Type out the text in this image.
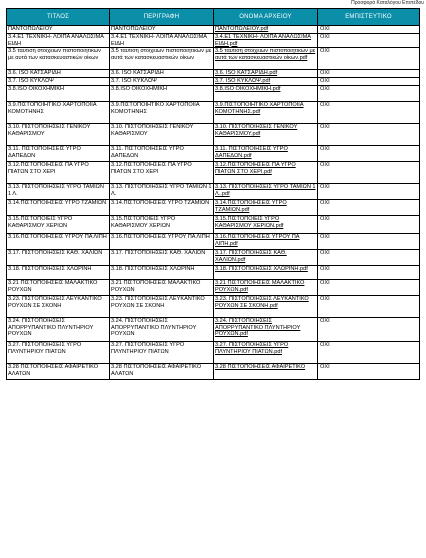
Προσφορά Καταλόγου Επιπέδου
ΤΙΤΛΟΣ	ΠΕΡΙΓΡΑΦΗ	ΟΝΟΜΑ ΑΡΧΕΙΟΥ	ΕΜΠΙΣΤΕΥΤΙΚΟ
ΠΑΝΤΟΠΩΛΕΙΟΥ	ΠΑΝΤΟΠΩΛΕΙΟΥ	ΠΑΝΤΟΠΩΛΕΙΟΥ.pdf	ΟΧΙ
3.4.Ε1 ΤΕΧΝΙΚΗ- ΛΟΙΠΑ ΑΝΑΛΩΣΙΜΑ ΕΙΔΗ	3.4.Ε1 ΤΕΧΝΙΚΗ- ΛΟΙΠΑ ΑΝΑΛΩΣΙΜΑ ΕΙΔΗ	3.4.Ε1 ΤΕΧΝΙΚΗ- ΛΟΙΠΑ ΑΝΑΛΩΣΙΜΑ ΕΙΔΗ.pdf	ΟΧΙ
3.5 ταυτιση στοιχειων πιστοποιητικων με αυτά των κατασκευαστικών οίκων	3.5 ταυτιση στοιχειων πιστοποιητικων με αυτά των κατασκευαστικών οίκων	3.5 ταυτιση στοιχειων πιστοποιητικων με αυτά των κατασκευαστικών οίκων.pdf	ΟΧΙ
3.6. ISO ΚΑΤΣΑΡΙΔΗ	3.6. ISO ΚΑΤΣΑΡΙΔΗ	3.6. ISO ΚΑΤΣΑΡΙΔΗ.pdf	ΟΧΙ
3.7. ISO ΚΥΚΛΩΨ	3.7. ISO ΚΥΚΛΩΨ	3.7. ISO ΚΥΚΛΩΨ.pdf	ΟΧΙ
3.8.ISO ΟΙΚΟΧΗΜΙΚΗ	3.8.ISO ΟΙΚΟΧΗΜΙΚΗ	3.8.ISO ΟΙΚΟΧΗΜΙΚΗ.pdf	ΟΧΙ
3.9.ΠΙΣΤΟΠΟΙΗΤΙΚΟ ΧΑΡΤΟΠΟΙΙΑ ΚΟΜΟΤΗΝΗΣ	3.9.ΠΙΣΤΟΠΟΙΗΤΙΚΟ ΧΑΡΤΟΠΟΙΙΑ ΚΟΜΟΤΗΝΗΣ	3.9.ΠΙΣΤΟΠΟΙΗΤΙΚΟ ΧΑΡΤΟΠΟΙΙΑ ΚΟΜΟΤΗΝΗΣ.pdf	ΟΧΙ
3.10. ΠΙΣΤΟΠΟΙΗΣΕΙΣ ΓΕΝΙΚΟΥ ΚΑΘΑΡΙΣΜΟΥ	3.10. ΠΙΣΤΟΠΟΙΗΣΕΙΣ ΓΕΝΙΚΟΥ ΚΑΘΑΡΙΣΜΟΥ	3.10. ΠΙΣΤΟΠΟΙΗΣΕΙΣ ΓΕΝΙΚΟΥ ΚΑΘΑΡΙΣΜΟΥ.pdf	ΟΧΙ
3.11. ΠΙΣΤΟΠΟΙΗΣΕΙΣ ΥΓΡΟ ΔΑΠΕΔΩΝ	3.11. ΠΙΣΤΟΠΟΙΗΣΕΙΣ ΥΓΡΟ ΔΑΠΕΔΩΝ	3.11. ΠΙΣΤΟΠΟΙΗΣΕΙΣ ΥΓΡΟ ΔΑΠΕΔΩΝ.pdf	ΟΧΙ
3.12.ΠΙΣΤΟΠΟΙΗΣΕΙΣ ΠΑ ΥΓΡΟ ΠΙΑΤΩΝ ΣΤΟ ΧΕΡΙ	3.12.ΠΙΣΤΟΠΟΙΗΣΕΙΣ ΠΑ ΥΓΡΟ ΠΙΑΤΩΝ ΣΤΟ ΧΕΡΙ	3.12.ΠΙΣΤΟΠΟΙΗΣΕΙΣ ΠΑ ΥΓΡΟ ΠΙΑΤΩΝ ΣΤΟ ΧΕΡΙ.pdf	ΟΧΙ
3.13. ΠΙΣΤΟΠΟΙΗΣΕΙΣ ΥΓΡΟ ΤΑΜΙΩΝ 1 Λ.	3.13. ΠΙΣΤΟΠΟΙΗΣΕΙΣ ΥΓΡΟ ΤΑΜΙΩΝ 1 Λ.	3.13. ΠΙΣΤΟΠΟΙΗΣΕΙΣ ΥΓΡΟ ΤΑΜΙΩΝ 1 Λ..pdf	ΟΧΙ
3.14.ΠΙΣΤΟΠΟΙΗΣΕΙΣ ΥΓΡΟ ΤΖΑΜΙΩΝ	3.14.ΠΙΣΤΟΠΟΙΗΣΕΙΣ ΥΓΡΟ ΤΖΑΜΙΩΝ	3.14.ΠΙΣΤΟΠΟΙΗΣΕΙΣ ΥΓΡΟ ΤΖΑΜΙΩΝ.pdf	ΟΧΙ
3.15.ΠΙΣΤΟΠΟΙΕΙΣ ΥΓΡΟ ΚΑΘΑΡΙΣΜΟΥ ΧΕΡΙΩΝ	3.15.ΠΙΣΤΟΠΟΙΕΙΣ ΥΓΡΟ ΚΑΘΑΡΙΣΜΟΥ ΧΕΡΙΩΝ	3.15.ΠΙΣΤΟΠΟΙΕΙΣ ΥΓΡΟ ΚΑΘΑΡΙΣΜΟΥ ΧΕΡΙΩΝ.pdf	ΟΧΙ
3.16.ΠΙΣΤΟΠΟΙΗΣΕΙΣ ΥΓΡΟΥ ΠΑ ΛΙΠΗ	3.16.ΠΙΣΤΟΠΟΙΗΣΕΙΣ ΥΓΡΟΥ ΠΑ ΛΙΠΗ	3.16.ΠΙΣΤΟΠΟΙΗΣΕΙΣ ΥΓΡΟΥ ΠΑ ΛΙΠΗ.pdf	ΟΧΙ
3.17. ΠΙΣΤΟΠΟΙΗΣΕΙΣ ΚΑΘ. ΧΑΛΙΩΝ	3.17. ΠΙΣΤΟΠΟΙΗΣΕΙΣ ΚΑΘ. ΧΑΛΙΩΝ	3.17. ΠΙΣΤΟΠΟΙΗΣΕΙΣ ΚΑΘ. ΧΑΛΙΩΝ.pdf	ΟΧΙ
3.18. ΠΙΣΤΟΠΟΙΗΣΕΙΣ ΧΛΩΡΙΝΗ	3.18. ΠΙΣΤΟΠΟΙΗΣΕΙΣ ΧΛΩΡΙΝΗ	3.18. ΠΙΣΤΟΠΟΙΗΣΕΙΣ ΧΛΩΡΙΝΗ.pdf	ΟΧΙ
3.21 ΠΙΣΤΟΠΟΙΗΣΕΙΣ ΜΑΛΑΚΤΙΚΟ ΡΟΥΧΩΝ	3.21 ΠΙΣΤΟΠΟΙΗΣΕΙΣ ΜΑΛΑΚΤΙΚΟ ΡΟΥΧΩΝ	3.21 ΠΙΣΤΟΠΟΙΗΣΕΙΣ ΜΑΛΑΚΤΙΚΟ ΡΟΥΧΩΝ.pdf	ΟΧΙ
3.23. ΠΙΣΤΟΠΟΙΗΣΕΙΣ ΛΕΥΚΑΝΤΙΚΟ ΡΟΥΧΩΝ ΣΕ ΣΚΟΝΗ	3.23. ΠΙΣΤΟΠΟΙΗΣΕΙΣ ΛΕΥΚΑΝΤΙΚΟ ΡΟΥΧΩΝ ΣΕ ΣΚΟΝΗ	3.23. ΠΙΣΤΟΠΟΙΗΣΕΙΣ ΛΕΥΚΑΝΤΙΚΟ ΡΟΥΧΩΝ ΣΕ ΣΚΟΝΗ.pdf	ΟΧΙ
3.24. ΠΙΣΤΟΠΟΙΗΣΕΙΣ ΑΠΟΡΡΥΠΑΝΤΙΚΟ ΠΛΥΝΤΗΡΙΟΥ ΡΟΥΧΩΝ	3.24. ΠΙΣΤΟΠΟΙΗΣΕΙΣ ΑΠΟΡΡΥΠΑΝΤΙΚΟ ΠΛΥΝΤΗΡΙΟΥ ΡΟΥΧΩΝ	3.24. ΠΙΣΤΟΠΟΙΗΣΕΙΣ ΑΠΟΡΡΥΠΑΝΤΙΚΟ ΠΛΥΝΤΗΡΙΟΥ ΡΟΥΧΩΝ.pdf	ΟΧΙ
3.27. ΠΙΣΤΟΠΟΙΗΣΕΙΣ ΥΓΡΟ ΠΛΥΝΤΗΡΙΟΥ ΠΙΑΤΩΝ	3.27. ΠΙΣΤΟΠΟΙΗΣΕΙΣ ΥΓΡΟ ΠΛΥΝΤΗΡΙΟΥ ΠΙΑΤΩΝ	3.27. ΠΙΣΤΟΠΟΙΗΣΕΙΣ ΥΓΡΟ ΠΛΥΝΤΗΡΙΟΥ ΠΙΑΤΩΝ.pdf	ΟΧΙ
3.28 ΠΙΣΤΟΠΟΙΗΣΕΙΣ ΑΦΑΙΡΕΤΙΚΟ ΑΛΑΤΩΝ	3.28 ΠΙΣΤΟΠΟΙΗΣΕΙΣ ΑΦΑΙΡΕΤΙΚΟ ΑΛΑΤΩΝ	3.28 ΠΙΣΤΟΠΟΙΗΣΕΙΣ ΑΦΑΙΡΕΤΙΚΟ	ΟΧΙ
